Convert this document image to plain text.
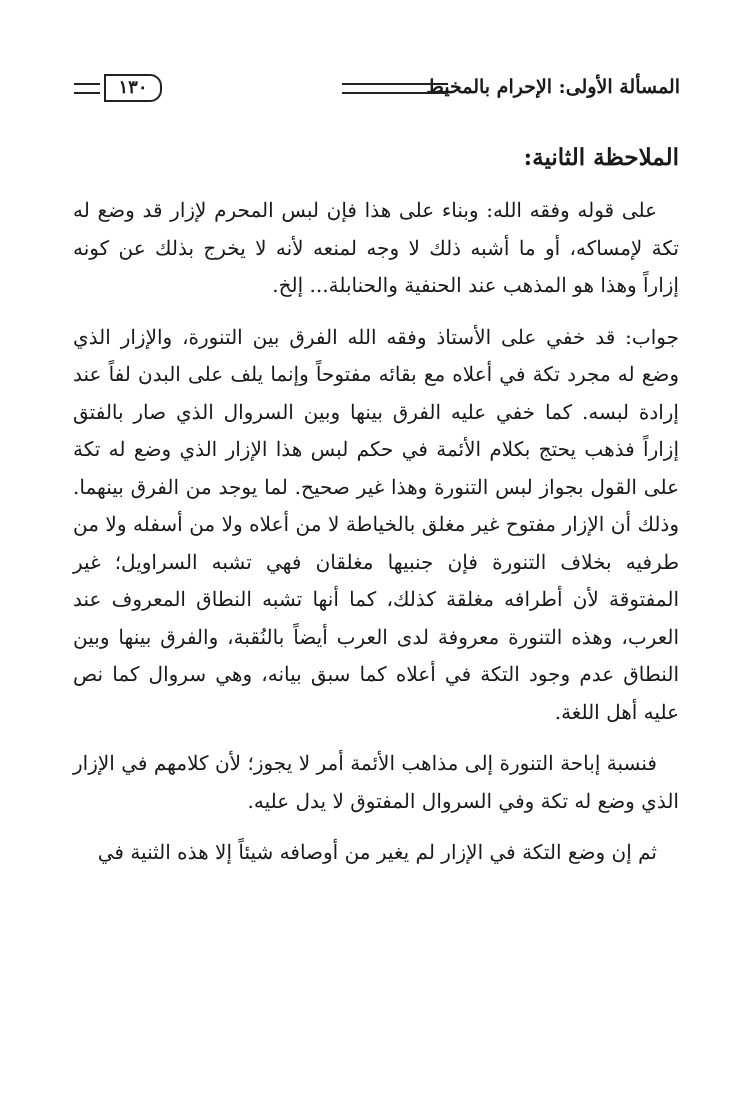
المسألة الأولى: الإحرام بالمخيط
١٣٠
الملاحظة الثانية:

على قوله وفقه الله: وبناء على هذا فإن لبس المحرم لإزار قد وضع له تكة لإمساكه، أو ما أشبه ذلك لا وجه لمنعه لأنه لا يخرج بذلك عن كونه إزاراً وهذا هو المذهب عند الحنفية والحنابلة... إلخ.

جواب: قد خفي على الأستاذ وفقه الله الفرق بين التنورة، والإزار الذي وضع له مجرد تكة في أعلاه مع بقائه مفتوحاً وإنما يلف على البدن لفاً عند إرادة لبسه. كما خفي عليه الفرق بينها وبين السروال الذي صار بالفتق إزاراً فذهب يحتج بكلام الأئمة في حكم لبس هذا الإزار الذي وضع له تكة على القول بجواز لبس التنورة وهذا غير صحيح. لما يوجد من الفرق بينهما. وذلك أن الإزار مفتوح غير مغلق بالخياطة لا من أعلاه ولا من أسفله ولا من طرفيه بخلاف التنورة فإن جنبيها مغلقان فهي تشبه السراويل؛ غير المفتوقة لأن أطرافه مغلقة كذلك، كما أنها تشبه النطاق المعروف عند العرب، وهذه التنورة معروفة لدى العرب أيضاً بالنُقبة، والفرق بينها وبين النطاق عدم وجود التكة في أعلاه كما سبق بيانه، وهي سروال كما نص عليه أهل اللغة.

فنسبة إباحة التنورة إلى مذاهب الأئمة أمر لا يجوز؛ لأن كلامهم في الإزار الذي وضع له تكة وفي السروال المفتوق لا يدل عليه.

ثم إن وضع التكة في الإزار لم يغير من أوصافه شيئاً إلا هذه الثنية في
